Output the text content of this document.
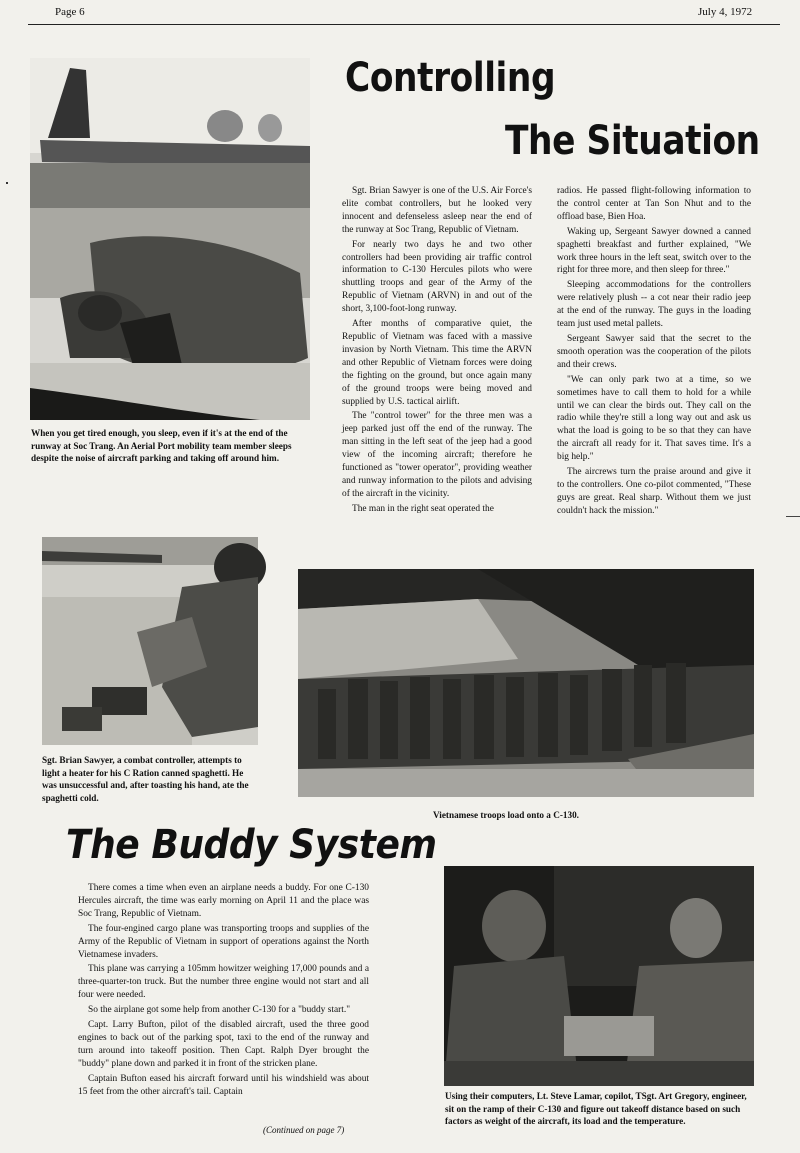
Page 6	July 4, 1972
Controlling
The Situation
When you get tired enough, you sleep, even if it's at the end of the runway at Soc Trang. An Aerial Port mobility team member sleeps despite the noise of aircraft parking and taking off around him.

Sgt. Brian Sawyer is one of the U.S. Air Force's elite combat controllers, but he looked very innocent and defenseless asleep near the end of the runway at Soc Trang, Republic of Vietnam.

For nearly two days he and two other controllers had been providing air traffic control information to C-130 Hercules pilots who were shuttling troops and gear of the Army of the Republic of Vietnam (ARVN) in and out of the short, 3,100-foot-long runway.

After months of comparative quiet, the Republic of Vietnam was faced with a massive invasion by North Vietnam. This time the ARVN and other Republic of Vietnam forces were doing the fighting on the ground, but once again many of the ground troops were being moved and supplied by U.S. tactical airlift.

The "control tower" for the three men was a jeep parked just off the end of the runway. The man sitting in the left seat of the jeep had a good view of the incoming aircraft; therefore he functioned as "tower operator", providing weather and runway information to the pilots and advising of the aircraft in the vicinity.

The man in the right seat operated the

radios. He passed flight-following information to the control center at Tan Son Nhut and to the offload base, Bien Hoa.

Waking up, Sergeant Sawyer downed a canned spaghetti breakfast and further explained, "We work three hours in the left seat, switch over to the right for three more, and then sleep for three."

Sleeping accommodations for the controllers were relatively plush -- a cot near their radio jeep at the end of the runway. The guys in the loading team just used metal pallets.

Sergeant Sawyer said that the secret to the smooth operation was the cooperation of the pilots and their crews.

"We can only park two at a time, so we sometimes have to call them to hold for a while until we can clear the birds out. They call on the radio while they're still a long way out and ask us what the load is going to be so that they can have the aircraft all ready for it. That saves time. It's a big help."

The aircrews turn the praise around and give it to the controllers. One co-pilot commented, "These guys are great. Real sharp. Without them we just couldn't hack the mission."

Sgt. Brian Sawyer, a combat controller, attempts to light a heater for his C Ration canned spaghetti. He was unsuccessful and, after toasting his hand, ate the spaghetti cold.
Vietnamese troops load onto a C-130.
The Buddy System

There comes a time when even an airplane needs a buddy. For one C-130 Hercules aircraft, the time was early morning on April 11 and the place was Soc Trang, Republic of Vietnam.

The four-engined cargo plane was transporting troops and supplies of the Army of the Republic of Vietnam in support of operations against the North Vietnamese invaders.

This plane was carrying a 105mm howitzer weighing 17,000 pounds and a three-quarter-ton truck. But the number three engine would not start and all four were needed.

So the airplane got some help from another C-130 for a "buddy start."

Capt. Larry Bufton, pilot of the disabled aircraft, used the three good engines to back out of the parking spot, taxi to the end of the runway and turn around into takeoff position. Then Capt. Ralph Dyer brought the "buddy" plane down and parked it in front of the stricken plane.

Captain Bufton eased his aircraft forward until his windshield was about 15 feet from the other aircraft's tail. Captain

(Continued on page 7)
Using their computers, Lt. Steve Lamar, copilot, TSgt. Art Gregory, engineer, sit on the ramp of their C-130 and figure out takeoff distance based on such factors as weight of the aircraft, its load and the temperature.
